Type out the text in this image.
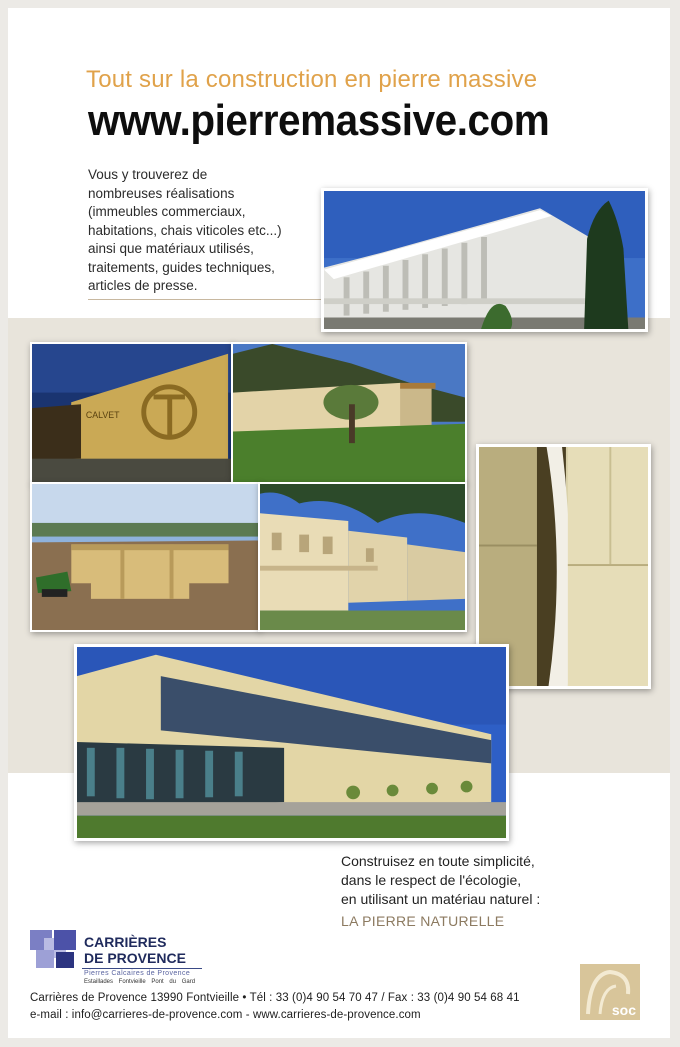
Tout sur la construction en pierre massive
www.pierremassive.com
Vous y trouverez de
nombreuses réalisations
(immeubles commerciaux,
habitations, chais viticoles etc...)
ainsi que matériaux utilisés,
traitements, guides techniques,
articles de presse.
CALVET
Construisez en toute simplicité,
dans le respect de l'écologie,
en utilisant un matériau naturel :
LA PIERRE NATURELLE
CARRIÈRES
DE PROVENCE
Pierres Calcaires de Provence
Estaillades Fontvieille Pont du Gard
Carrières de Provence 13990 Fontvieille • Tél : 33 (0)4 90 54 70 47 / Fax : 33 (0)4 90 54 68 41
e-mail : info@carrieres-de-provence.com - www.carrieres-de-provence.com	soc
